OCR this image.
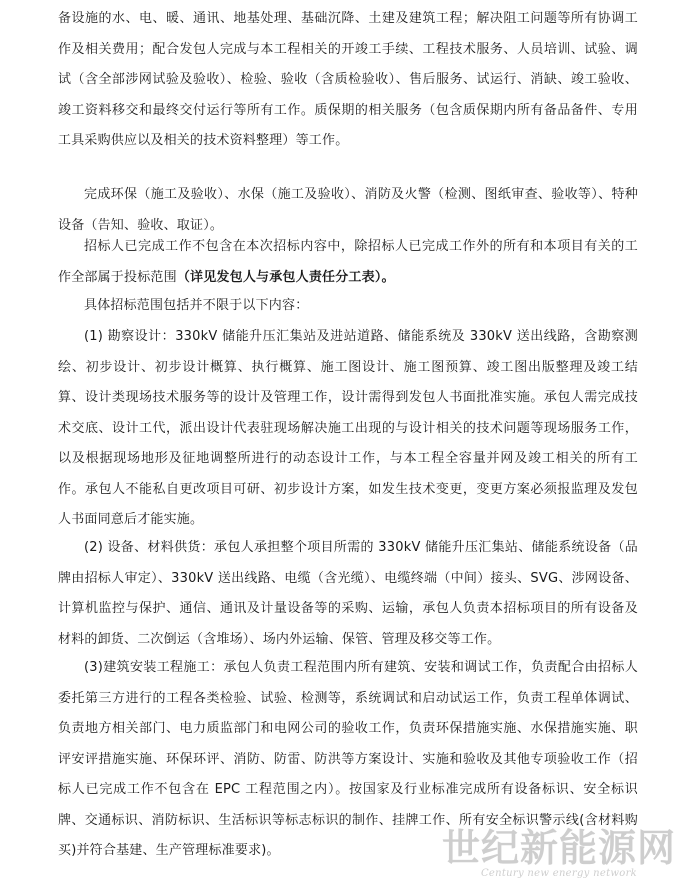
备设施的水、电、暖、通讯、地基处理、基础沉降、土建及建筑工程；解决阻工问题等所有协调工作及相关费用；配合发包人完成与本工程相关的开竣工手续、工程技术服务、人员培训、试验、调试（含全部涉网试验及验收）、检验、验收（含质检验收）、售后服务、试运行、消缺、竣工验收、竣工资料移交和最终交付运行等所有工作。质保期的相关服务（包含质保期内所有备品备件、专用工具采购供应以及相关的技术资料整理）等工作。

完成环保（施工及验收）、水保（施工及验收）、消防及火警（检测、图纸审查、验收等）、特种设备（告知、验收、取证）。

招标人已完成工作不包含在本次招标内容中，除招标人已完成工作外的所有和本项目有关的工作全部属于投标范围（详见发包人与承包人责任分工表）。

具体招标范围包括并不限于以下内容：

(1) 勘察设计：330kV 储能升压汇集站及进站道路、储能系统及 330kV 送出线路，含勘察测绘、初步设计、初步设计概算、执行概算、施工图设计、施工图预算、竣工图出版整理及竣工结算、设计类现场技术服务等的设计及管理工作，设计需得到发包人书面批准实施。承包人需完成技术交底、设计工代，派出设计代表驻现场解决施工出现的与设计相关的技术问题等现场服务工作，以及根据现场地形及征地调整所进行的动态设计工作，与本工程全容量并网及竣工相关的所有工作。承包人不能私自更改项目可研、初步设计方案，如发生技术变更，变更方案必须报监理及发包人书面同意后才能实施。

(2) 设备、材料供货：承包人承担整个项目所需的 330kV 储能升压汇集站、储能系统设备（品牌由招标人审定）、330kV 送出线路、电缆（含光缆）、电缆终端（中间）接头、SVG、涉网设备、计算机监控与保护、通信、通讯及计量设备等的采购、运输，承包人负责本招标项目的所有设备及材料的卸货、二次倒运（含堆场）、场内外运输、保管、管理及移交等工作。

(3)建筑安装工程施工：承包人负责工程范围内所有建筑、安装和调试工作，负责配合由招标人委托第三方进行的工程各类检验、试验、检测等，系统调试和启动试运工作，负责工程单体调试、负责地方相关部门、电力质监部门和电网公司的验收工作，负责环保措施实施、水保措施实施、职评安评措施实施、环保环评、消防、防雷、防洪等方案设计、实施和验收及其他专项验收工作（招标人已完成工作不包含在 EPC 工程范围之内）。按国家及行业标准完成所有设备标识、安全标识牌、交通标识、消防标识、生活标识等标志标识的制作、挂牌工作、所有安全标识警示线(含材料购买)并符合基建、生产管理标准要求)。	世纪新能源网
Century new energy network
